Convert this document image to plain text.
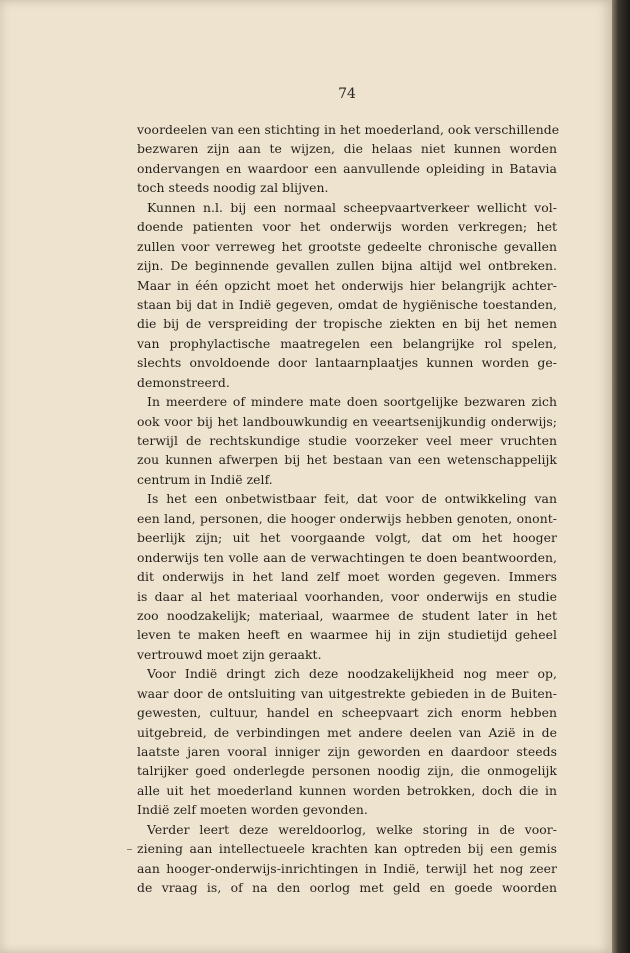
74
voordeelen van een stichting in het moederland, ook verschillende
bezwaren zijn aan te wijzen, die helaas niet kunnen worden
ondervangen en waardoor een aanvullende opleiding in Batavia
toch steeds noodig zal blijven.
Kunnen n.l. bij een normaal scheepvaartverkeer wellicht vol-
doende patienten voor het onderwijs worden verkregen; het
zullen voor verreweg het grootste gedeelte chronische gevallen
zijn. De beginnende gevallen zullen bijna altijd wel ontbreken.
Maar in één opzicht moet het onderwijs hier belangrijk achter-
staan bij dat in Indië gegeven, omdat de hygiënische toestanden,
die bij de verspreiding der tropische ziekten en bij het nemen
van prophylactische maatregelen een belangrijke rol spelen,
slechts onvoldoende door lantaarnplaatjes kunnen worden ge-
demonstreerd.
In meerdere of mindere mate doen soortgelijke bezwaren zich
ook voor bij het landbouwkundig en veeartsenijkundig onderwijs;
terwijl de rechtskundige studie voorzeker veel meer vruchten
zou kunnen afwerpen bij het bestaan van een wetenschappelijk
centrum in Indië zelf.
Is het een onbetwistbaar feit, dat voor de ontwikkeling van
een land, personen, die hooger onderwijs hebben genoten, onont-
beerlijk zijn; uit het voorgaande volgt, dat om het hooger
onderwijs ten volle aan de verwachtingen te doen beantwoorden,
dit onderwijs in het land zelf moet worden gegeven. Immers
is daar al het materiaal voorhanden, voor onderwijs en studie
zoo noodzakelijk; materiaal, waarmee de student later in het
leven te maken heeft en waarmee hij in zijn studietijd geheel
vertrouwd moet zijn geraakt.
Voor Indië dringt zich deze noodzakelijkheid nog meer op,
waar door de ontsluiting van uitgestrekte gebieden in de Buiten-
gewesten, cultuur, handel en scheepvaart zich enorm hebben
uitgebreid, de verbindingen met andere deelen van Azië in de
laatste jaren vooral inniger zijn geworden en daardoor steeds
talrijker goed onderlegde personen noodig zijn, die onmogelijk
alle uit het moederland kunnen worden betrokken, doch die in
Indië zelf moeten worden gevonden.
Verder leert deze wereldoorlog, welke storing in de voor-
ziening aan intellectueele krachten kan optreden bij een gemis
aan hooger-onderwijs-inrichtingen in Indië, terwijl het nog zeer
de vraag is, of na den oorlog met geld en goede woorden
